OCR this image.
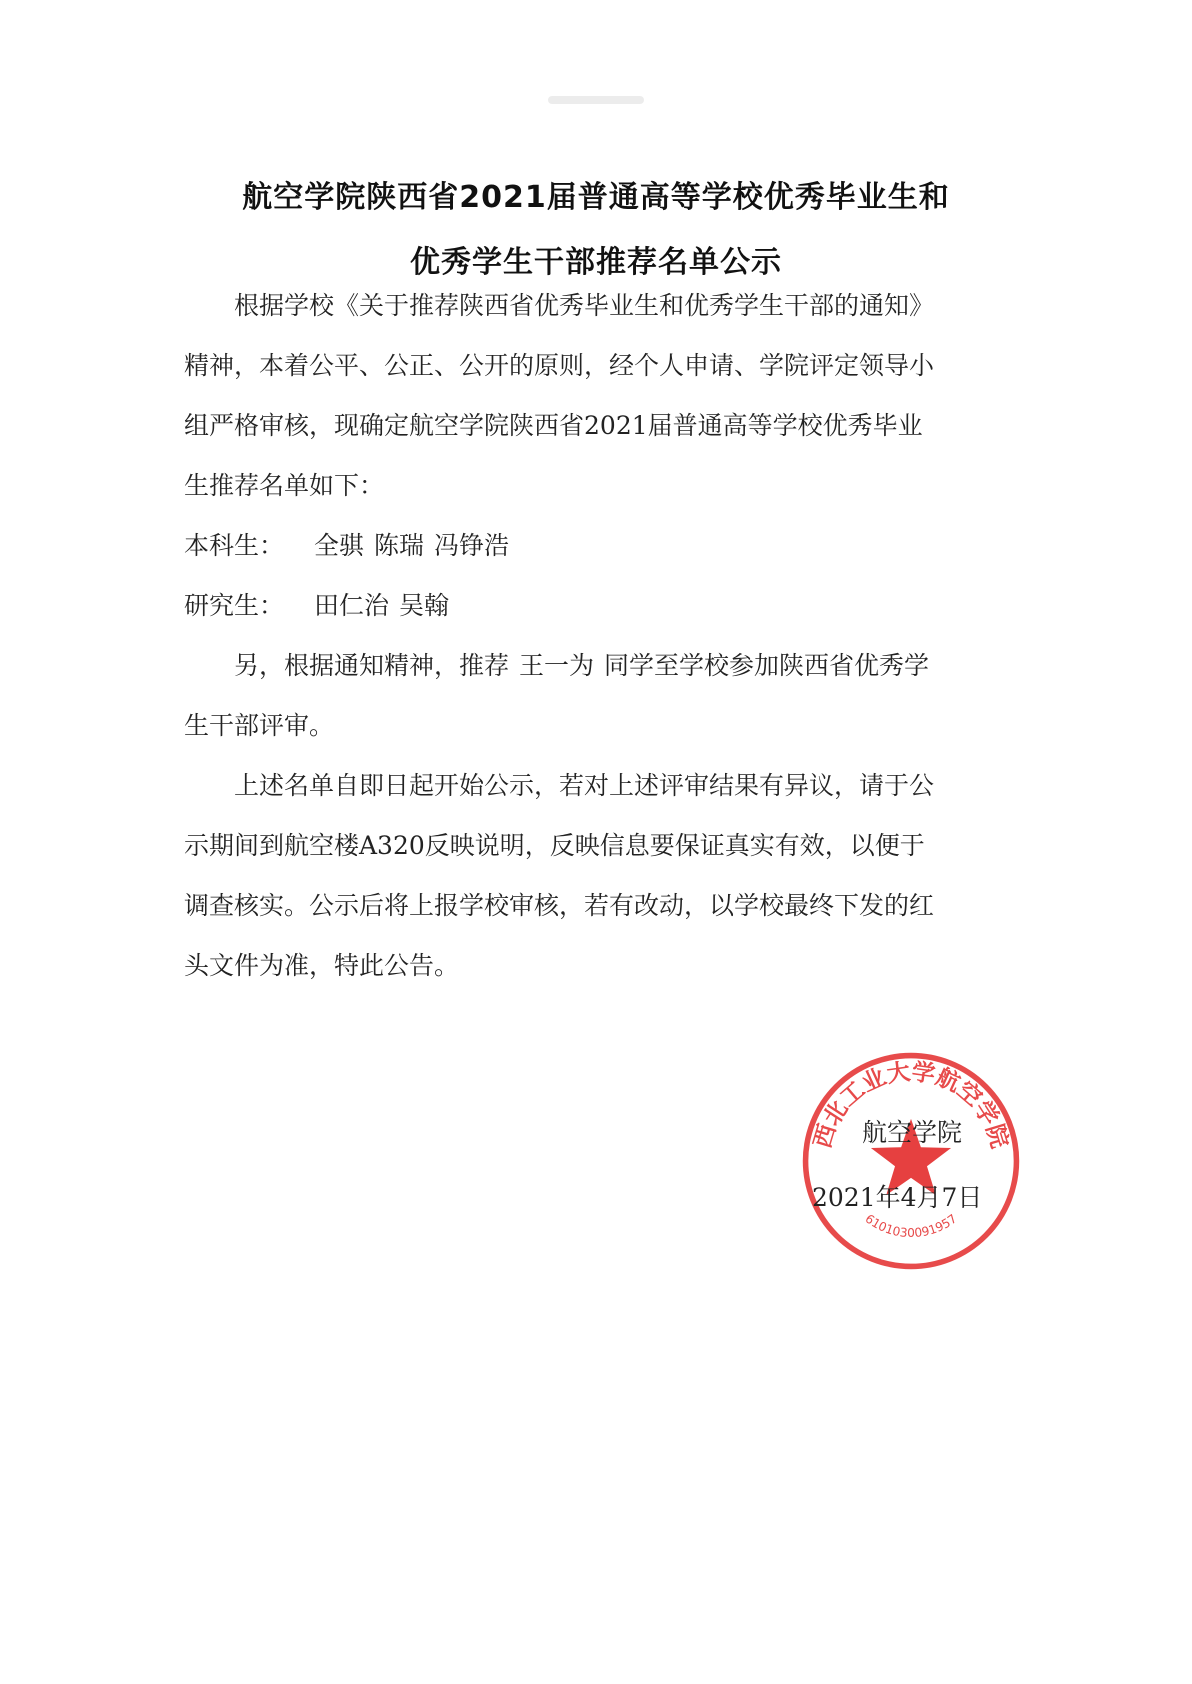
航空学院陕西省2021届普通高等学校优秀毕业生和
优秀学生干部推荐名单公示
根据学校《关于推荐陕西省优秀毕业生和优秀学生干部的通知》
精神，本着公平、公正、公开的原则，经个人申请、学院评定领导小
组严格审核，现确定航空学院陕西省2021届普通高等学校优秀毕业
生推荐名单如下：
本科生： 全骐 陈瑞 冯铮浩
研究生： 田仁治 吴翰
另，根据通知精神，推荐 王一为 同学至学校参加陕西省优秀学
生干部评审。
上述名单自即日起开始公示，若对上述评审结果有异议，请于公
示期间到航空楼A320反映说明，反映信息要保证真实有效，以便于
调查核实。公示后将上报学校审核，若有改动，以学校最终下发的红
头文件为准，特此公告。
西北工业大学航空学院
6101030091957
航空学院
2021年4月7日
